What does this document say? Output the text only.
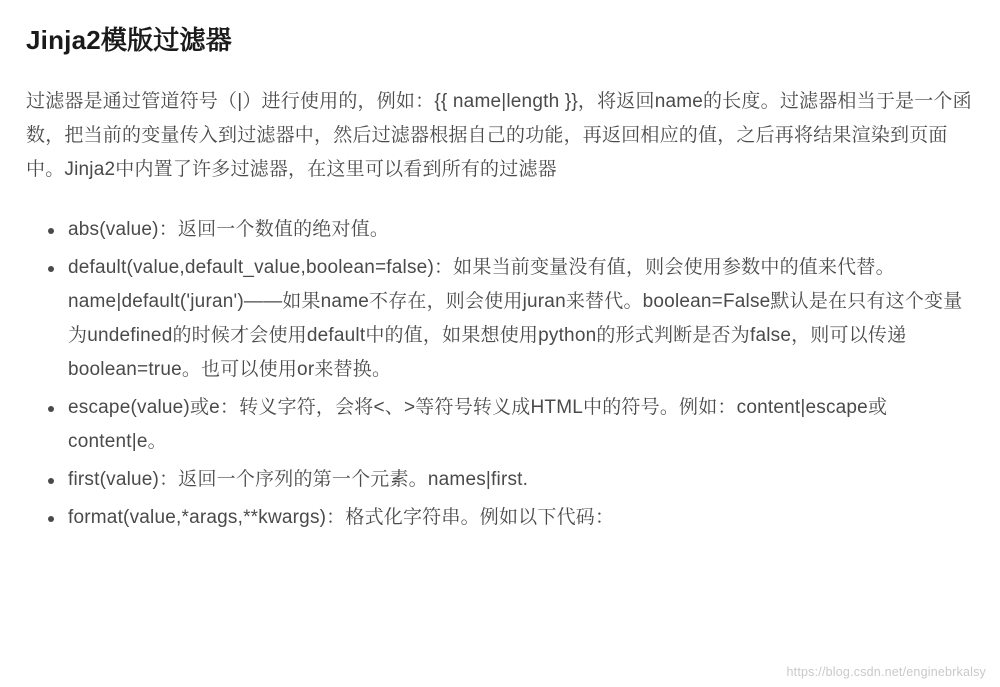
Jinja2模版过滤器

过滤器是通过管道符号（|）进行使用的，例如：{{ name|length }}，将返回name的长度。过滤器相当于是一个函数，把当前的变量传入到过滤器中，然后过滤器根据自己的功能，再返回相应的值，之后再将结果渲染到页面中。Jinja2中内置了许多过滤器，在这里可以看到所有的过滤器

abs(value)：返回一个数值的绝对值。
default(value,default_value,boolean=false)：如果当前变量没有值，则会使用参数中的值来代替。name|default('juran')——如果name不存在，则会使用juran来替代。boolean=False默认是在只有这个变量为undefined的时候才会使用default中的值，如果想使用python的形式判断是否为false，则可以传递boolean=true。也可以使用or来替换。
escape(value)或e：转义字符，会将<、>等符号转义成HTML中的符号。例如：content|escape或content|e。
first(value)：返回一个序列的第一个元素。names|first.
format(value,*arags,**kwargs)：格式化字符串。例如以下代码：
https://blog.csdn.net/enginebrkalsy
